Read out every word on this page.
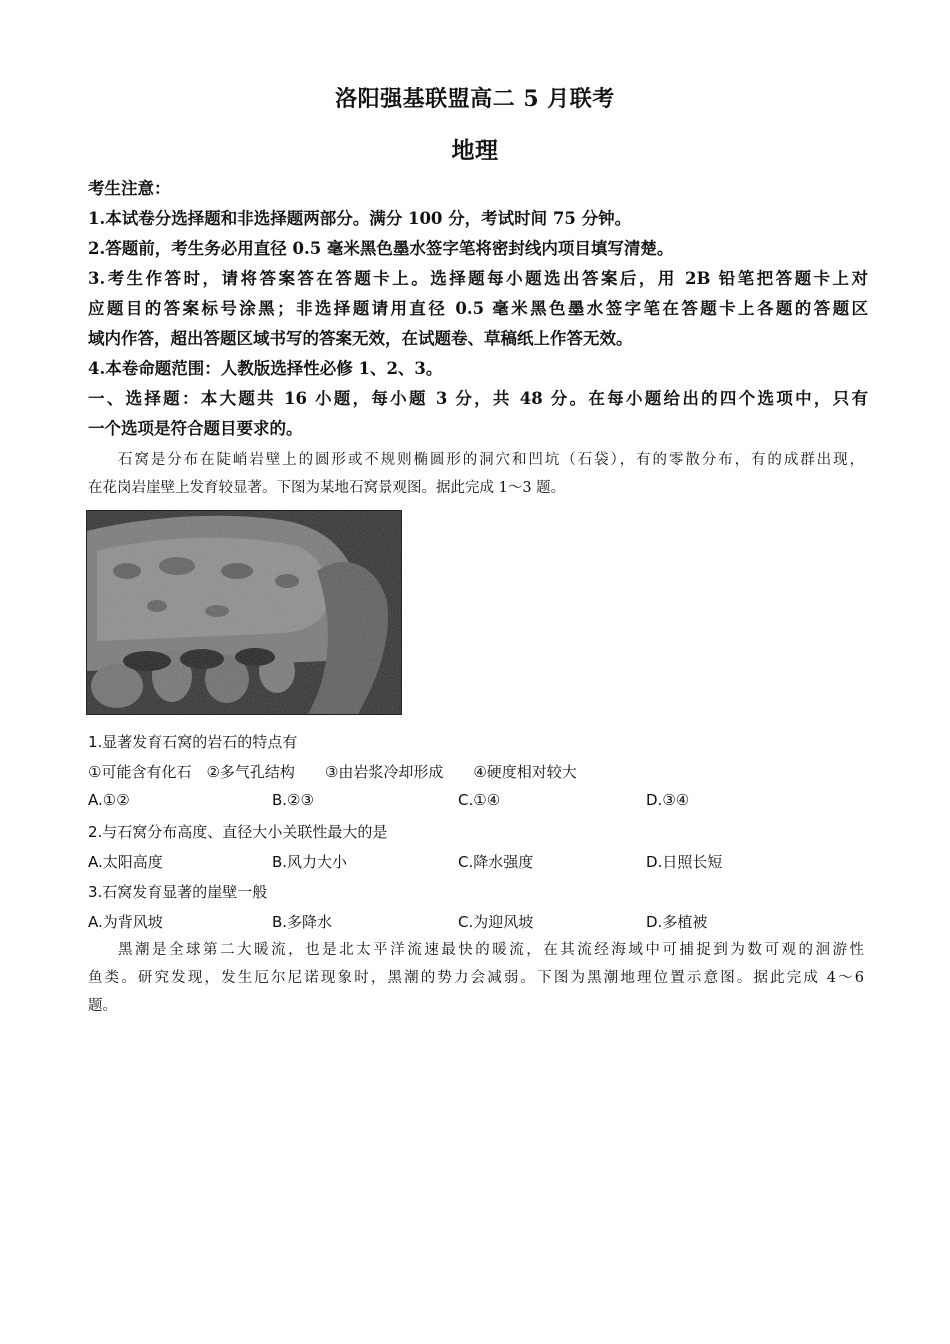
洛阳强基联盟高二 5 月联考
地理
考生注意：
1.本试卷分选择题和非选择题两部分。满分 100 分，考试时间 75 分钟。
2.答题前，考生务必用直径 0.5 毫米黑色墨水签字笔将密封线内项目填写清楚。
3.考生作答时，请将答案答在答题卡上。选择题每小题选出答案后，用 2B 铅笔把答题卡上对
应题目的答案标号涂黑；非选择题请用直径 0.5 毫米黑色墨水签字笔在答题卡上各题的答题区
域内作答，超出答题区域书写的答案无效，在试题卷、草稿纸上作答无效。
4.本卷命题范围：人教版选择性必修 1、2、3。
一、选择题：本大题共 16 小题，每小题 3 分，共 48 分。在每小题给出的四个选项中，只有
一个选项是符合题目要求的。
石窝是分布在陡峭岩壁上的圆形或不规则椭圆形的洞穴和凹坑（石袋），有的零散分布，有的成群出现，
在花岗岩崖壁上发育较显著。下图为某地石窝景观图。据此完成 1～3 题。
1.显著发育石窝的岩石的特点有
①可能含有化石　②多气孔结构　　③由岩浆冷却形成　　④硬度相对较大
A.①②	B.②③	C.①④	D.③④
2.与石窝分布高度、直径大小关联性最大的是
A.太阳高度	B.风力大小	C.降水强度	D.日照长短
3.石窝发育显著的崖壁一般
A.为背风坡	B.多降水	C.为迎风坡	D.多植被
黑潮是全球第二大暖流，也是北太平洋流速最快的暖流，在其流经海域中可捕捉到为数可观的洄游性
鱼类。研究发现，发生厄尔尼诺现象时，黑潮的势力会减弱。下图为黑潮地理位置示意图。据此完成 4～6
题。
